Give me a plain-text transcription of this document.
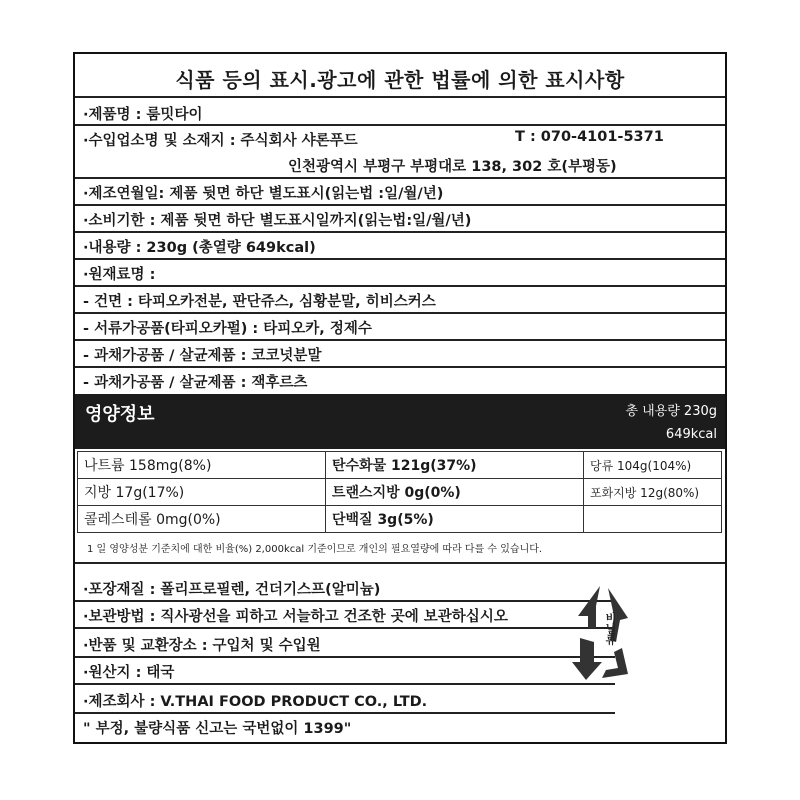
식품 등의 표시.광고에 관한 법률에 의한 표시사항
·제품명 : 룸밋타이
·수입업소명 및 소재지 : 주식회사 샤론푸드	T : 070-4101-5371
인천광역시 부평구 부평대로 138, 302 호(부평동)
·제조연월일: 제품 뒷면 하단 별도표시(읽는법 :일/월/년)
·소비기한 : 제품 뒷면 하단 별도표시일까지(읽는법:일/월/년)
·내용량 : 230g (총열량 649kcal)
·원재료명 :
- 건면 : 타피오카전분, 판단쥬스, 심황분말, 히비스커스
- 서류가공품(타피오카펄) : 타피오카, 정제수
- 과채가공품 / 살균제품 : 코코넛분말
- 과채가공품 / 살균제품 : 잭후르츠
영양정보	총 내용량 230g
649kcal
나트륨 158mg(8%)	탄수화물 121g(37%)	당류 104g(104%)
지방 17g(17%)	트랜스지방 0g(0%)	포화지방 12g(80%)
콜레스테롤 0mg(0%)	단백질 3g(5%)	
1 일 영양성분 기준치에 대한 비율(%) 2,000kcal 기준이므로 개인의 필요열량에 따라 다를 수 있습니다.
·포장재질 : 폴리프로필렌, 건더기스프(알미늄)
·보관방법 : 직사광선을 피하고 서늘하고 건조한 곳에 보관하십시오
·반품 및 교환장소 : 구입처 및 수입원
·원산지 : 태국
·제조회사 : V.THAI FOOD PRODUCT CO., LTD.
" 부정, 불량식품 신고는 국번없이 1399"
비닐류
